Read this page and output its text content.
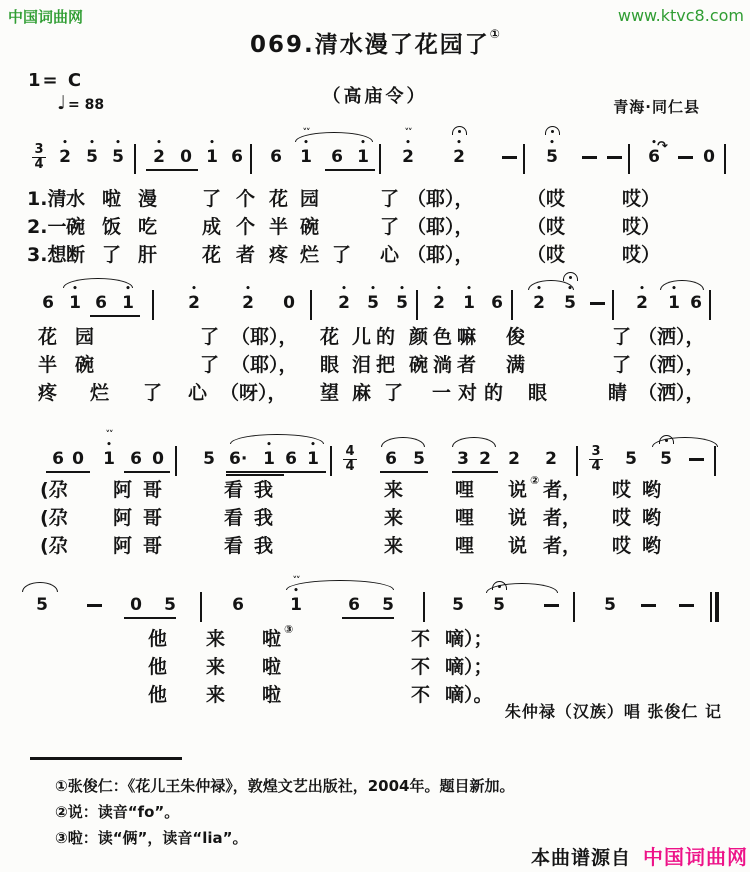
中国词曲网	www.ktvc8.com
069.清水漫了花园了①
1= C
♩ = 88	（高庙令）	青海·同仁县
3
4 2
•
5
•
5
•
2
•
0 1
•
6 6 1
•
˅˅
6 1
•
2
•
˅˅
2
•
5
•
6
• ↷
0
1.清 水 啦 漫 了 个 花 园	了 （耶），	（哎	哎）
2.一 碗 饭 吃 成 个 半 碗	了 （耶），	（哎	哎）
3.想 断 了 肝 花 者 疼 烂 了 心 （耶），	（哎	哎）
6 1
•
6 1
•
2
•
2
•
0	2
•
5
•
5
•
2
•
1
•
6 2
•
5
•
2
•
1
•
6
花 园	了 （耶）， 花 儿 的 颜 色 嘛 俊	了 （洒），
半 碗	了 （耶）， 眼 泪 把 碗 淌 者 满	了 （洒），
疼 烂 了 心 （呀）， 望 麻 了 一 对 的 眼	睛 （洒），
6 0 1
•
˅˅
6 0 5 6· 1
•
6 1
•	4
4 6 5 3 2 2 2	3
4 5 5
(尕 阿 哥	看 我	来	哩 说 ② 者， 哎 哟
(尕 阿 哥	看 我	来	哩 说 者， 哎 哟
(尕 阿 哥	看 我	来	哩 说 者， 哎 哟
5	0 5	6	1
•
˅˅
6 5	5 5	5
他 来 啦 ③	不 嘀）；
他 来 啦	不 嘀）；
他 来 啦	不 嘀）。
朱仲禄（汉族）唱 张俊仁 记
①张俊仁：《花儿王朱仲禄》，敦煌文艺出版社，2004年。题目新加。
②说：读音“fo”。
③啦：读“俩”，读音“lia”。
本曲谱源自 中国词曲网
